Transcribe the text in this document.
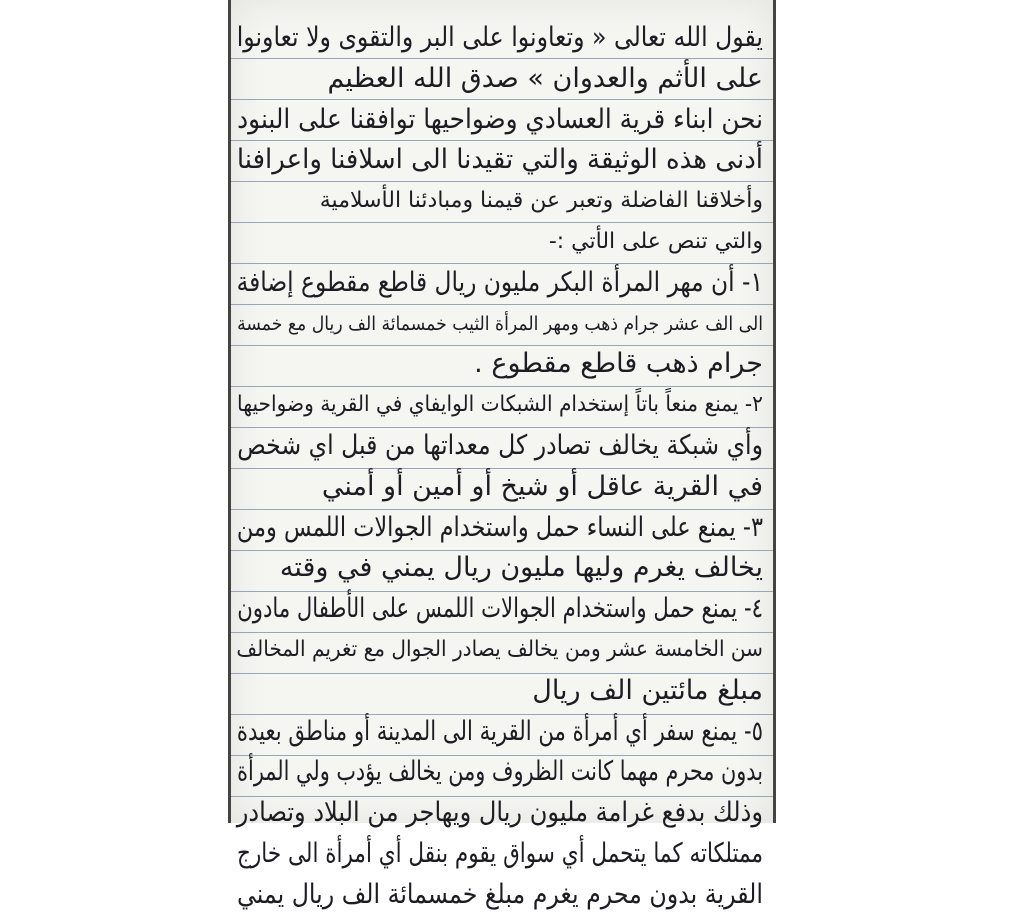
يقول الله تعالى « وتعاونوا على البر والتقوى ولا تعاونوا
على الأثم والعدوان » صدق الله العظيم
نحن ابناء قرية العسادي وضواحيها توافقنا على البنود
أدنى هذه الوثيقة والتي تقيدنا الى اسلافنا واعرافنا
وأخلاقنا الفاضلة وتعبر عن قيمنا ومبادئنا الأسلامية
والتي تنص على الأتي :-
١- أن مهر المرأة البكر مليون ريال قاطع مقطوع إضافة
الى الف عشر جرام ذهب ومهر المرأة الثيب خمسمائة الف ريال مع خمسة
جرام ذهب قاطع مقطوع .
٢- يمنع منعاً باتاً إستخدام الشبكات الوايفاي في القرية وضواحيها
وأي شبكة يخالف تصادر كل معداتها من قبل اي شخص
في القرية عاقل أو شيخ أو أمين أو أمني
٣- يمنع على النساء حمل واستخدام الجوالات اللمس ومن
يخالف يغرم وليها مليون ريال يمني في وقته
٤- يمنع حمل واستخدام الجوالات اللمس على الأطفال مادون
سن الخامسة عشر ومن يخالف يصادر الجوال مع تغريم المخالف
مبلغ مائتين الف ريال
٥- يمنع سفر أي أمرأة من القرية الى المدينة أو مناطق بعيدة
بدون محرم مهما كانت الظروف ومن يخالف يؤدب ولي المرأة
وذلك بدفع غرامة مليون ريال ويهاجر من البلاد وتصادر
ممتلكاته كما يتحمل أي سواق يقوم بنقل أي أمرأة الى خارج
القرية بدون محرم يغرم مبلغ خمسمائة الف ريال يمني
